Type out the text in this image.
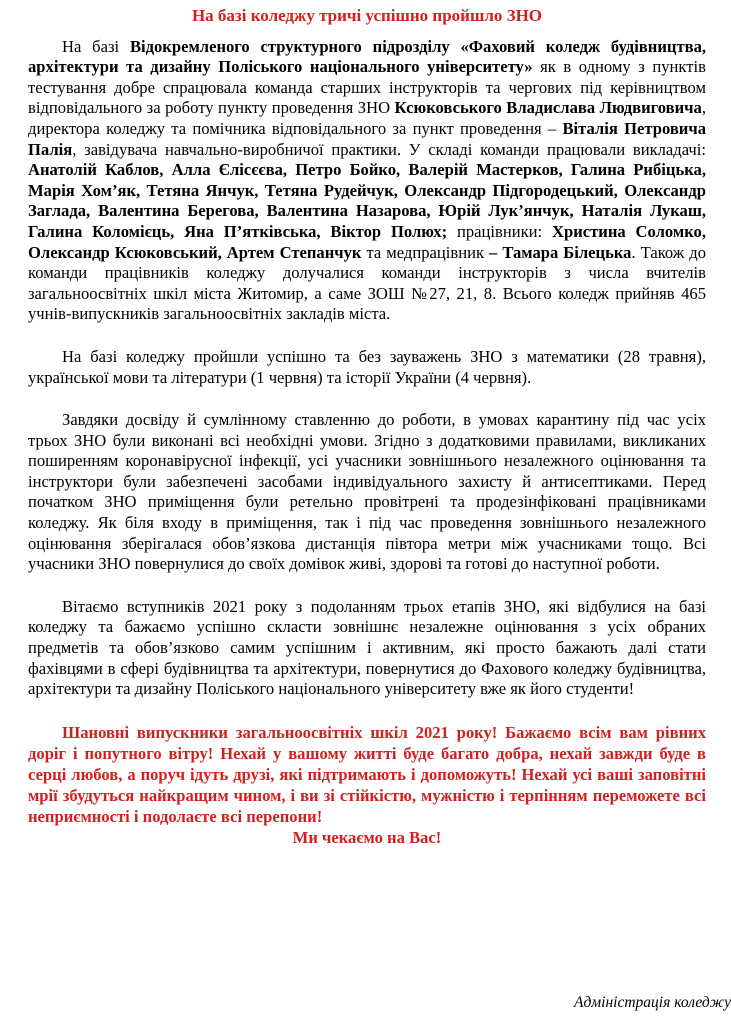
На базі коледжу тричі успішно пройшло ЗНО

На базі Відокремленого структурного підрозділу «Фаховий коледж будівництва, архітектури та дизайну Поліського національного університету» як в одному з пунктів тестування добре спрацювала команда старших інструкторів та чергових під керівництвом відповідального за роботу пункту проведення ЗНО Ксюковського Владислава Людвиговича, директора коледжу та помічника відповідального за пункт проведення – Віталія Петровича Палія, завідувача навчально-виробничої практики. У складі команди працювали викладачі: Анатолій Каблов, Алла Єлісєєва, Петро Бойко, Валерій Мастерков, Галина Рибіцька, Марія Хом’як, Тетяна Янчук, Тетяна Рудейчук, Олександр Підгородецький, Олександр Заглада, Валентина Берегова, Валентина Назарова, Юрій Лук’янчук, Наталія Лукаш, Галина Коломієць, Яна П’ятківська, Віктор Полюх; працівники: Христина Соломко, Олександр Ксюковський, Артем Степанчук та медпрацівник – Тамара Білецька. Також до команди працівників коледжу долучалися команди інструкторів з числа вчителів загальноосвітніх шкіл міста Житомир, а саме ЗОШ №27, 21, 8. Всього коледж прийняв 465 учнів-випускників загальноосвітніх закладів міста.

На базі коледжу пройшли успішно та без зауважень ЗНО з математики (28 травня), української мови та літератури (1 червня) та історії України (4 червня).

Завдяки досвіду й сумлінному ставленню до роботи, в умовах карантину під час усіх трьох ЗНО були виконані всі необхідні умови. Згідно з додатковими правилами, викликаних поширенням коронавірусної інфекції, усі учасники зовнішнього незалежного оцінювання та інструктори були забезпечені засобами індивідуального захисту й антисептиками. Перед початком ЗНО приміщення були ретельно провітрені та продезінфіковані працівниками коледжу. Як біля входу в приміщення, так і під час проведення зовнішнього незалежного оцінювання зберігалася обов’язкова дистанція півтора метри між учасниками тощо. Всі учасники ЗНО повернулися до своїх домівок живі, здорові та готові до наступної роботи.

Вітаємо вступників 2021 року з подоланням трьох етапів ЗНО, які відбулися на базі коледжу та бажаємо успішно скласти зовнішнє незалежне оцінювання з усіх обраних предметів та обов’язково самим успішним і активним, які просто бажають далі стати фахівцями в сфері будівництва та архітектури, повернутися до Фахового коледжу будівництва, архітектури та дизайну Поліського національного університету вже як його студенти!

Шановні випускники загальноосвітніх шкіл 2021 року! Бажаємо всім вам рівних доріг і попутного вітру! Нехай у вашому житті буде багато добра, нехай завжди буде в серці любов, а поруч ідуть друзі, які підтримають і допоможуть! Нехай усі ваші заповітні мрії збудуться найкращим чином, і ви зі стійкістю, мужністю і терпінням переможете всі неприємності і подолаєте всі перепони!

Ми чекаємо на Вас!

Адміністрація коледжу
